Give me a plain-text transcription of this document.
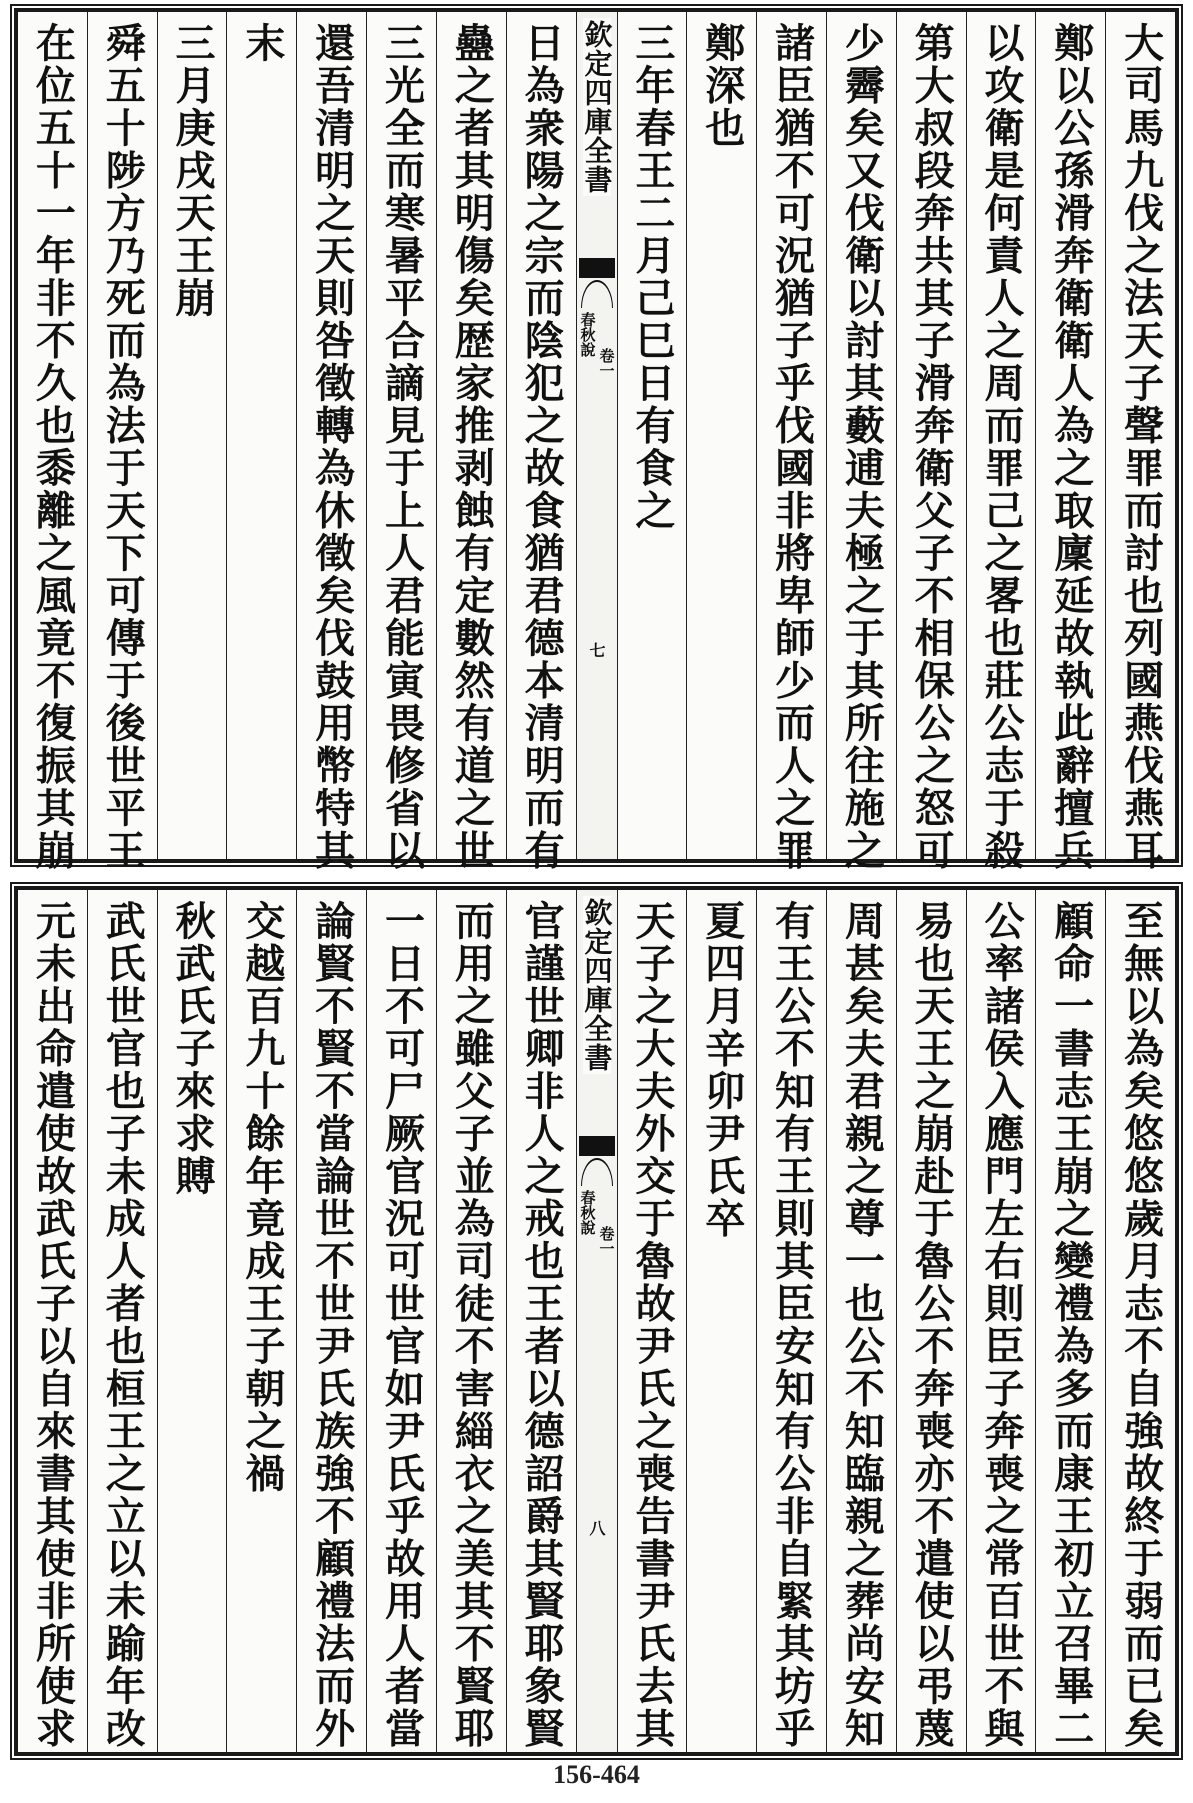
大司馬九伐之法天子聲罪而討也列國燕伐燕耳
鄭以公孫滑奔衛衛人為之取廩延故執此辭擅兵
以攻衛是何責人之周而罪己之畧也莊公志于殺
第大叔段奔共其子滑奔衛父子不相保公之怒可
少霽矣又伐衛以討其藪逋夫極之于其所往施之
諸臣猶不可況猶子乎伐國非將卑師少而人之罪
鄭深也
三年春王二月己巳日有食之
欽定四庫全書
春秋說
卷一
七
日為衆陽之宗而陰犯之故食猶君德本清明而有
蠱之者其明傷矣歴家推剥蝕有定數然有道之世
三光全而寒暑平合謫見于上人君能寅畏修省以
還吾清明之天則咎徵轉為休徵矣伐鼓用幣特其
末
三月庚戌天王崩
舜五十陟方乃死而為法于天下可傳于後世平王
在位五十一年非不久也黍離之風竟不復振其崩
至無以為矣悠悠歲月志不自強故終于弱而已矣
顧命一書志王崩之變禮為多而康王初立召畢二
公率諸侯入應門左右則臣子奔喪之常百世不與
易也天王之崩赴于魯公不奔喪亦不遣使以弔蔑
周甚矣夫君親之尊一也公不知臨親之葬尚安知
有王公不知有王則其臣安知有公非自緊其坊乎
夏四月辛卯尹氏卒
天子之大夫外交于魯故尹氏之喪告書尹氏去其
欽定四庫全書
春秋說
卷一
八
官謹世卿非人之戒也王者以德詔爵其賢耶象賢
而用之雖父子並為司徒不害緇衣之美其不賢耶
一日不可尸厥官況可世官如尹氏乎故用人者當
論賢不賢不當論世不世尹氏族強不顧禮法而外
交越百九十餘年竟成王子朝之禍
秋武氏子來求賻
武氏世官也子未成人者也桓王之立以未踰年改
元未出命遣使故武氏子以自來書其使非所使求
156-464
